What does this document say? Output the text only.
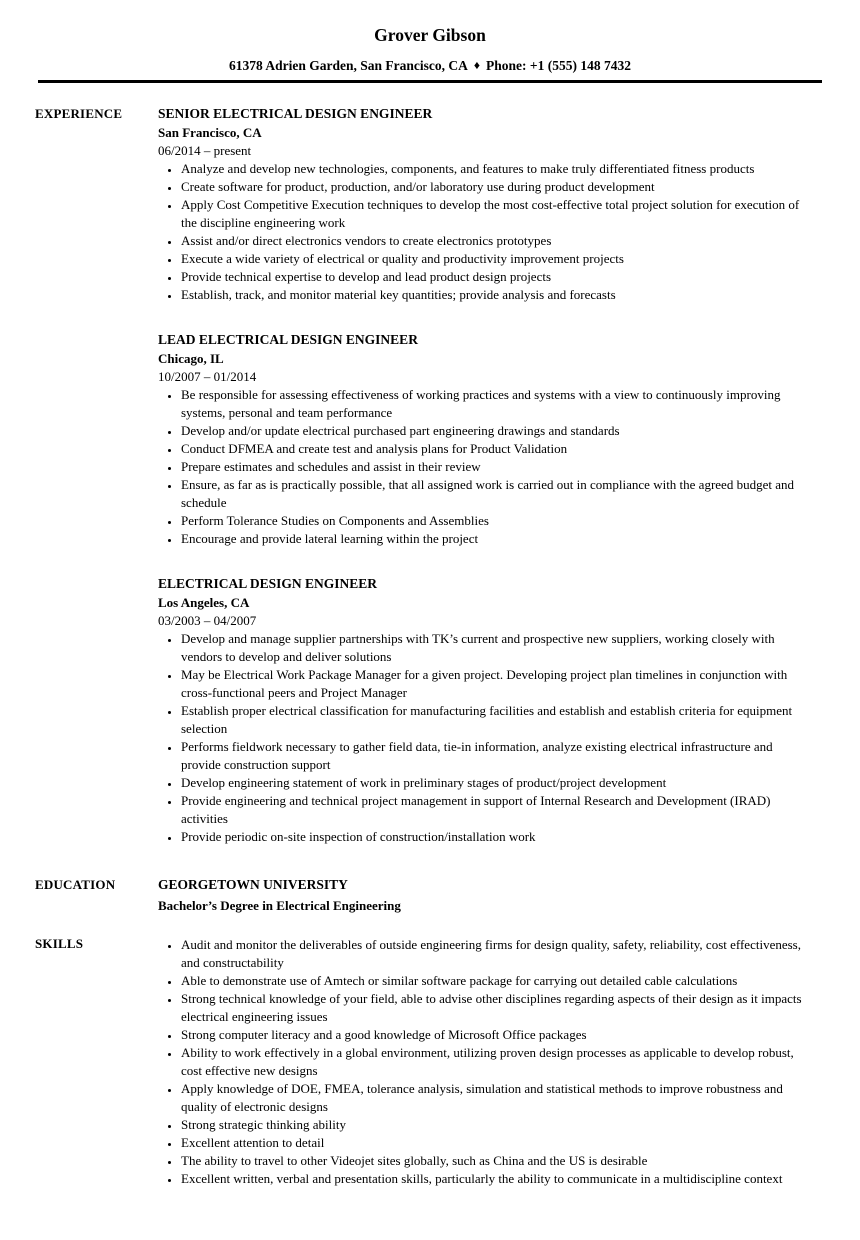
Grover Gibson
61378 Adrien Garden, San Francisco, CA ♦ Phone: +1 (555) 148 7432
EXPERIENCE	SENIOR ELECTRICAL DESIGN ENGINEER
San Francisco, CA
06/2014 – present
• Analyze and develop new technologies, components, and features to make truly differentiated fitness products
• Create software for product, production, and/or laboratory use during product development
• Apply Cost Competitive Execution techniques to develop the most cost-effective total project solution for execution of the discipline engineering work
• Assist and/or direct electronics vendors to create electronics prototypes
• Execute a wide variety of electrical or quality and productivity improvement projects
• Provide technical expertise to develop and lead product design projects
• Establish, track, and monitor material key quantities; provide analysis and forecasts
LEAD ELECTRICAL DESIGN ENGINEER
Chicago, IL
10/2007 – 01/2014
• Be responsible for assessing effectiveness of working practices and systems with a view to continuously improving systems, personal and team performance
• Develop and/or update electrical purchased part engineering drawings and standards
• Conduct DFMEA and create test and analysis plans for Product Validation
• Prepare estimates and schedules and assist in their review
• Ensure, as far as is practically possible, that all assigned work is carried out in compliance with the agreed budget and schedule
• Perform Tolerance Studies on Components and Assemblies
• Encourage and provide lateral learning within the project
ELECTRICAL DESIGN ENGINEER
Los Angeles, CA
03/2003 – 04/2007
• Develop and manage supplier partnerships with TK’s current and prospective new suppliers, working closely with vendors to develop and deliver solutions
• May be Electrical Work Package Manager for a given project. Developing project plan timelines in conjunction with cross-functional peers and Project Manager
• Establish proper electrical classification for manufacturing facilities and establish and establish criteria for equipment selection
• Performs fieldwork necessary to gather field data, tie-in information, analyze existing electrical infrastructure and provide construction support
• Develop engineering statement of work in preliminary stages of product/project development
• Provide engineering and technical project management in support of Internal Research and Development (IRAD) activities
• Provide periodic on-site inspection of construction/installation work
EDUCATION	GEORGETOWN UNIVERSITY
Bachelor’s Degree in Electrical Engineering
SKILLS	• Audit and monitor the deliverables of outside engineering firms for design quality, safety, reliability, cost effectiveness, and constructability
• Able to demonstrate use of Amtech or similar software package for carrying out detailed cable calculations
• Strong technical knowledge of your field, able to advise other disciplines regarding aspects of their design as it impacts electrical engineering issues
• Strong computer literacy and a good knowledge of Microsoft Office packages
• Ability to work effectively in a global environment, utilizing proven design processes as applicable to develop robust, cost effective new designs
• Apply knowledge of DOE, FMEA, tolerance analysis, simulation and statistical methods to improve robustness and quality of electronic designs
• Strong strategic thinking ability
• Excellent attention to detail
• The ability to travel to other Videojet sites globally, such as China and the US is desirable
• Excellent written, verbal and presentation skills, particularly the ability to communicate in a multidiscipline context
